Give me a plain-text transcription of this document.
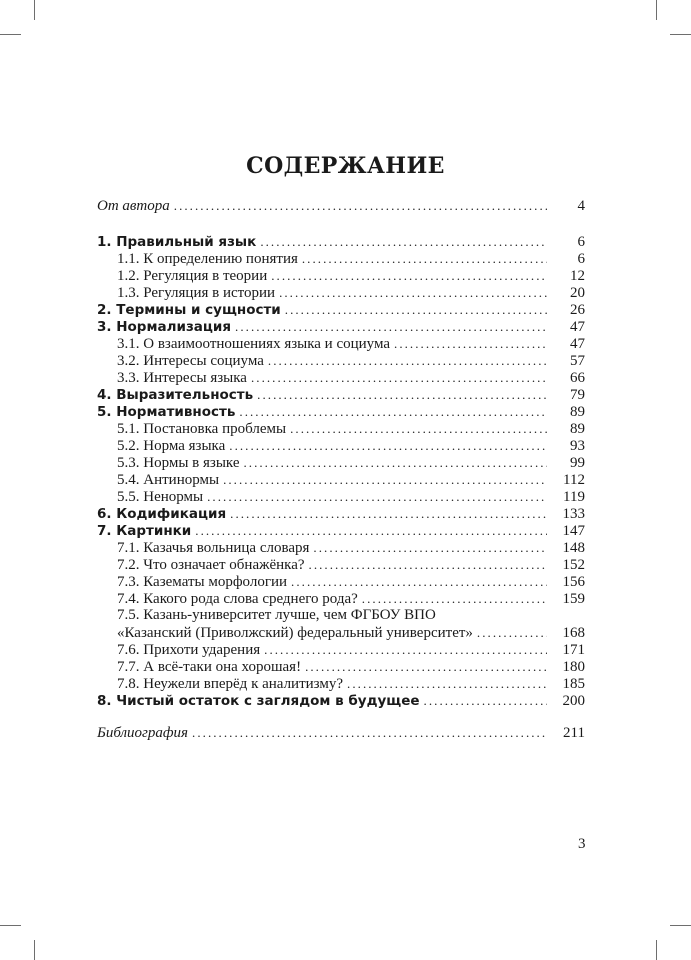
СОДЕРЖАНИЕ
От автора . . .	4
1. Правильный язык . . .	6
1.1. К определению понятия . . .	6
1.2. Регуляция в теории . . .	12
1.3. Регуляция в истории . . .	20
2. Термины и сущности . . .	26
3. Нормализация . . .	47
3.1. О взаимоотношениях языка и социума . . .	47
3.2. Интересы социума . . .	57
3.3. Интересы языка . . .	66
4. Выразительность . . .	79
5. Нормативность . . .	89
5.1. Постановка проблемы . . .	89
5.2. Норма языка . . .	93
5.3. Нормы в языке . . .	99
5.4. Антинормы . . .	112
5.5. Ненормы . . .	119
6. Кодификация . . .	133
7. Картинки . . .	147
7.1. Казачья вольница словаря . . .	148
7.2. Что означает обнажёнка? . . .	152
7.3. Казематы морфологии . . .	156
7.4. Какого рода слова среднего рода? . . .	159
7.5. Казань-университет лучше, чем ФГБОУ ВПО
«Казанский (Приволжский) федеральный университет» . . .	168
7.6. Прихоти ударения . . .	171
7.7. А всё-таки она хорошая! . . .	180
7.8. Неужели вперёд к аналитизму? . . .	185
8. Чистый остаток с заглядом в будущее . . .	200
Библиография . . .	211
3
